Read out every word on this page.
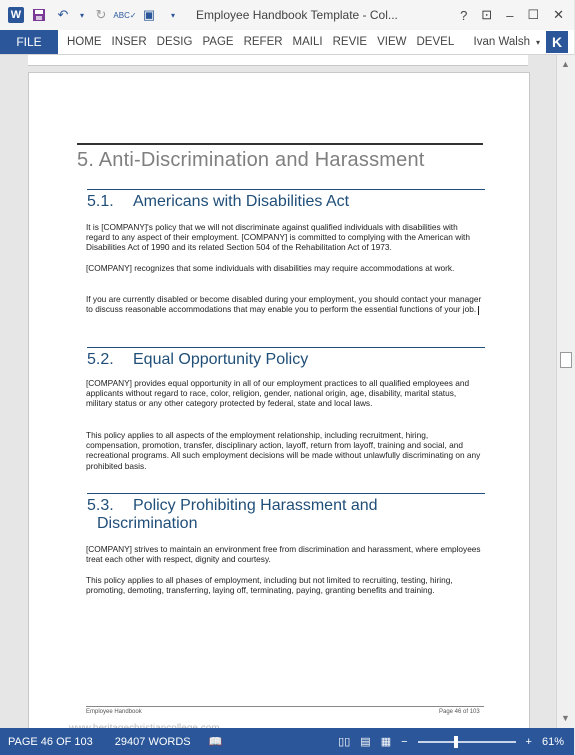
W	↶	▾ ↻ ABC✓ ▣	▾	Employee Handbook Template - Col...	? ⊡ – ☐ ✕
FILE	HOME INSER DESIG PAGE REFER MAILI REVIE VIEW DEVEL	Ivan Walsh ▾ K
5. Anti-Discrimination and Harassment
5.1. Americans with Disabilities Act
It is [COMPANY]'s policy that we will not discriminate against qualified individuals with disabilities with regard to any aspect of their employment. [COMPANY] is committed to complying with the American with Disabilities Act of 1990 and its related Section 504 of the Rehabilitation Act of 1973.
[COMPANY] recognizes that some individuals with disabilities may require accommodations at work.
If you are currently disabled or become disabled during your employment, you should contact your manager to discuss reasonable accommodations that may enable you to perform the essential functions of your job.
5.2. Equal Opportunity Policy
[COMPANY] provides equal opportunity in all of our employment practices to all qualified employees and applicants without regard to race, color, religion, gender, national origin, age, disability, marital status, military status or any other category protected by federal, state and local laws.
This policy applies to all aspects of the employment relationship, including recruitment, hiring, compensation, promotion, transfer, disciplinary action, layoff, return from layoff, training and social, and recreational programs. All such employment decisions will be made without unlawfully discriminating on any prohibited basis.
5.3. Policy Prohibiting Harassment and
Discrimination
[COMPANY] strives to maintain an environment free from discrimination and harassment, where employees treat each other with respect, dignity and courtesy.
This policy applies to all phases of employment, including but not limited to recruiting, testing, hiring, promoting, demoting, transferring, laying off, terminating, paying, granting benefits and training.
Employee Handbook	Page 46 of 103
▲
▼
PAGE 46 OF 103 29407 WORDS 📖	▯▯ ▤ ▦ −	+ 61%
